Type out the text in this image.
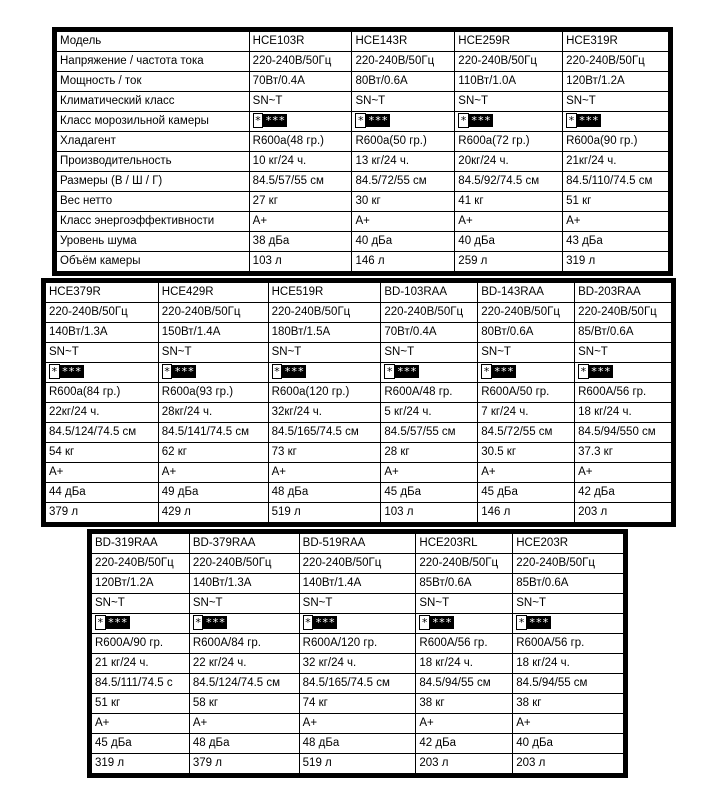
Модель	HCE103R	HCE143R	HCE259R	HCE319R
Напряжение / частота тока	220-240В/50Гц	220-240В/50Гц	220-240В/50Гц	220-240В/50Гц
Мощность / ток	70Вт/0.4А	80Вт/0.6А	110Вт/1.0А	120Вт/1.2А
Климатический класс	SN~T	SN~T	SN~T	SN~T
Класс морозильной камеры	* ***	* ***	* ***	* ***
Хладагент	R600a(48 гр.)	R600a(50 гр.)	R600a(72 гр.)	R600a(90 гр.)
Производительность	10 кг/24 ч.	13 кг/24 ч.	20кг/24 ч.	21кг/24 ч.
Размеры (В / Ш / Г)	84.5/57/55 см	84.5/72/55 см	84.5/92/74.5 см	84.5/110/74.5 см
Вес нетто	27 кг	30 кг	41 кг	51 кг
Класс энергоэффективности	А+	А+	А+	А+
Уровень шума	38 дБа	40 дБа	40 дБа	43 дБа
Объём камеры	103 л	146 л	259 л	319 л
HCE379R	HCE429R	HCE519R	BD-103RAA	BD-143RAA	BD-203RAA
220-240В/50Гц	220-240В/50Гц	220-240В/50Гц	220-240В/50Гц	220-240В/50Гц	220-240В/50Гц
140Вт/1.3А	150Вт/1.4А	180Вт/1.5А	70Вт/0.4А	80Вт/0.6А	85/Вт/0.6А
SN~T	SN~T	SN~T	SN~T	SN~T	SN~T
* ***	* ***	* ***	* ***	* ***	* ***
R600a(84 гр.)	R600a(93 гр.)	R600a(120 гр.)	R600A/48 гр.	R600A/50 гр.	R600A/56 гр.
22кг/24 ч.	28кг/24 ч.	32кг/24 ч.	5 кг/24 ч.	7 кг/24 ч.	18 кг/24 ч.
84.5/124/74.5 см	84.5/141/74.5 см	84.5/165/74.5 см	84.5/57/55 см	84.5/72/55 см	84.5/94/550 см
54 кг	62 кг	73 кг	28 кг	30.5 кг	37.3 кг
А+	А+	А+	А+	А+	А+
44 дБа	49 дБа	48 дБа	45 дБа	45 дБа	42 дБа
379 л	429 л	519 л	103 л	146 л	203 л
BD-319RAA	BD-379RAA	BD-519RAA	HCE203RL	HCE203R
220-240В/50Гц	220-240В/50Гц	220-240В/50Гц	220-240В/50Гц	220-240В/50Гц
120Вт/1.2А	140Вт/1.3А	140Вт/1.4А	85Вт/0.6А	85Вт/0.6А
SN~T	SN~T	SN~T	SN~T	SN~T
* ***	* ***	* ***	* ***	* ***
R600A/90 гр.	R600A/84 гр.	R600A/120 гр.	R600A/56 гр.	R600A/56 гр.
21 кг/24 ч.	22 кг/24 ч.	32 кг/24 ч.	18 кг/24 ч.	18 кг/24 ч.
84.5/111/74.5 с	84.5/124/74.5 см	84.5/165/74.5 см	84.5/94/55 см	84.5/94/55 см
51 кг	58 кг	74 кг	38 кг	38 кг
А+	А+	А+	А+	А+
45 дБа	48 дБа	48 дБа	42 дБа	40 дБа
319 л	379 л	519 л	203 л	203 л
